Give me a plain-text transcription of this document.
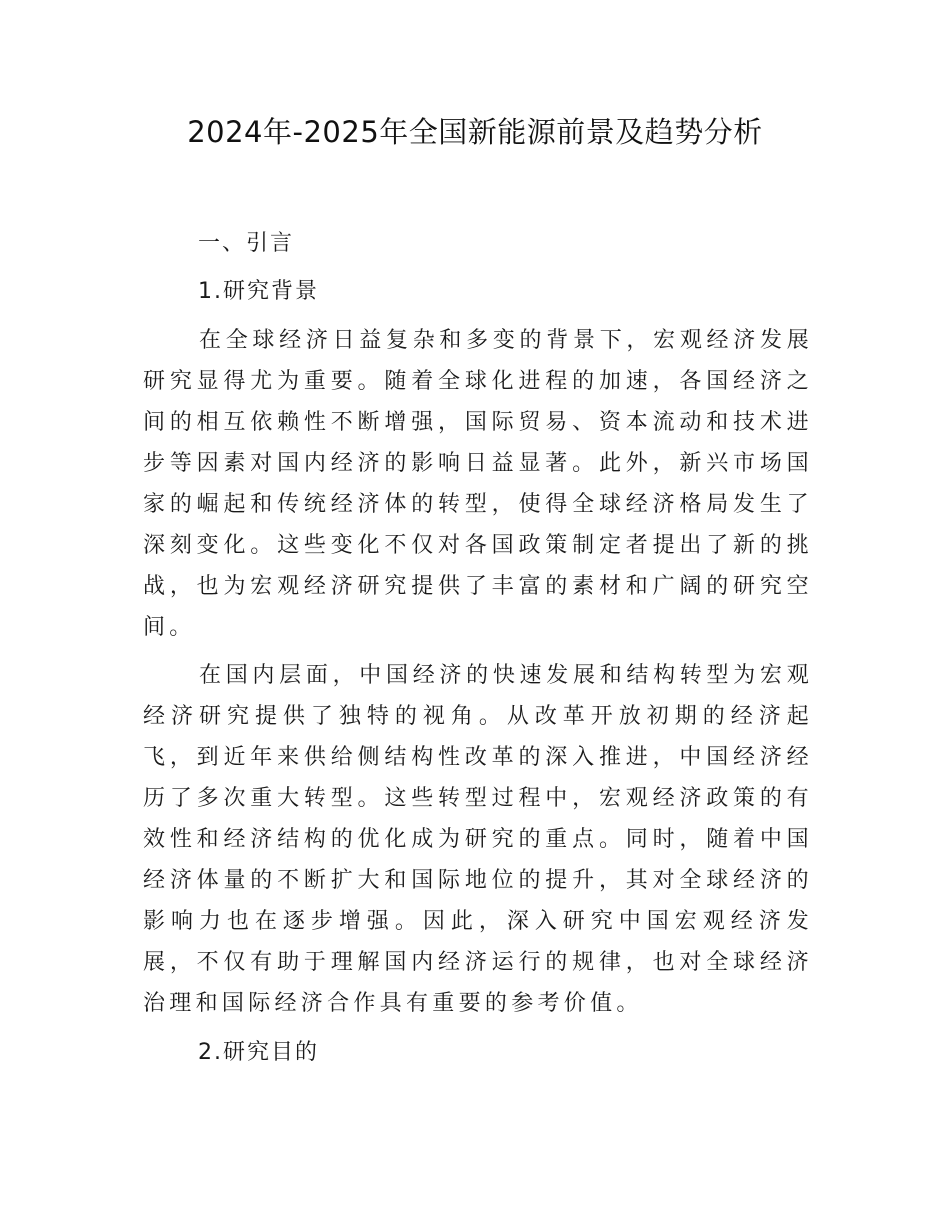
2024年-2025年全国新能源前景及趋势分析

一、引言

1.研究背景

在全球经济日益复杂和多变的背景下，宏观经济发展研究显得尤为重要。随着全球化进程的加速，各国经济之间的相互依赖性不断增强，国际贸易、资本流动和技术进步等因素对国内经济的影响日益显著。此外，新兴市场国家的崛起和传统经济体的转型，使得全球经济格局发生了深刻变化。这些变化不仅对各国政策制定者提出了新的挑战，也为宏观经济研究提供了丰富的素材和广阔的研究空间。

在国内层面，中国经济的快速发展和结构转型为宏观经济研究提供了独特的视角。从改革开放初期的经济起飞，到近年来供给侧结构性改革的深入推进，中国经济经历了多次重大转型。这些转型过程中，宏观经济政策的有效性和经济结构的优化成为研究的重点。同时，随着中国经济体量的不断扩大和国际地位的提升，其对全球经济的影响力也在逐步增强。因此，深入研究中国宏观经济发展，不仅有助于理解国内经济运行的规律，也对全球经济治理和国际经济合作具有重要的参考价值。

2.研究目的
